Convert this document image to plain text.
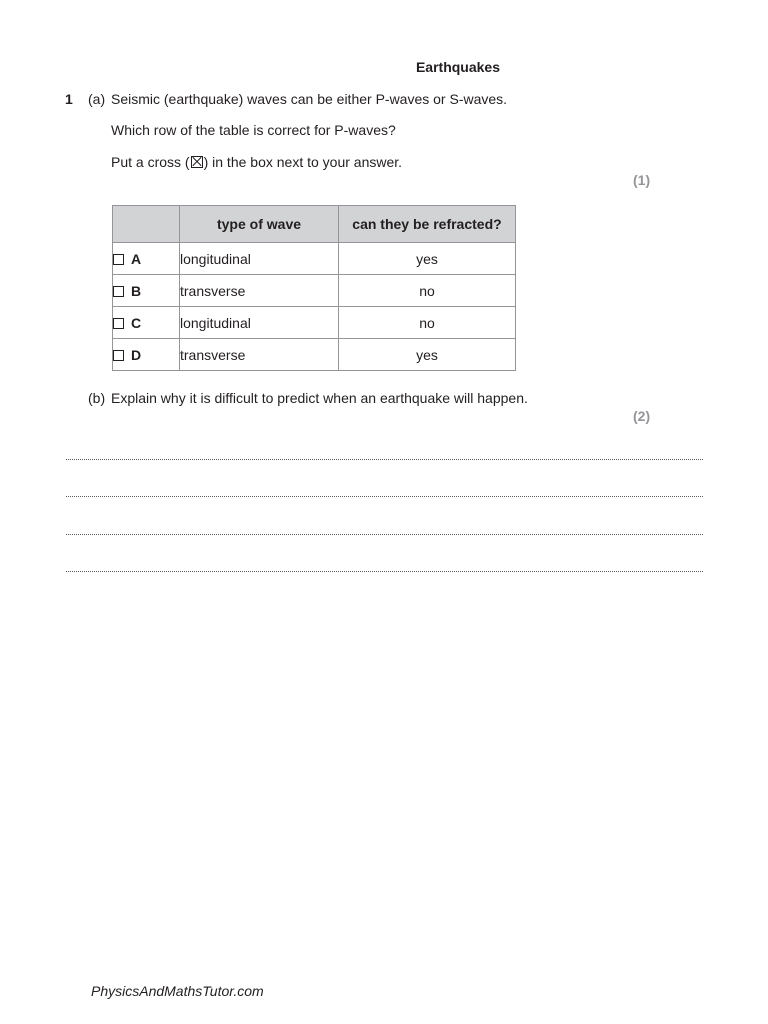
Earthquakes
1 (a) Seismic (earthquake) waves can be either P-waves or S-waves.
Which row of the table is correct for P-waves?
Put a cross (☒) in the box next to your answer.
(1)
	type of wave	can they be refracted?
A	longitudinal	yes
B	transverse	no
C	longitudinal	no
D	transverse	yes
(b) Explain why it is difficult to predict when an earthquake will happen.
(2)
PhysicsAndMathsTutor.com
